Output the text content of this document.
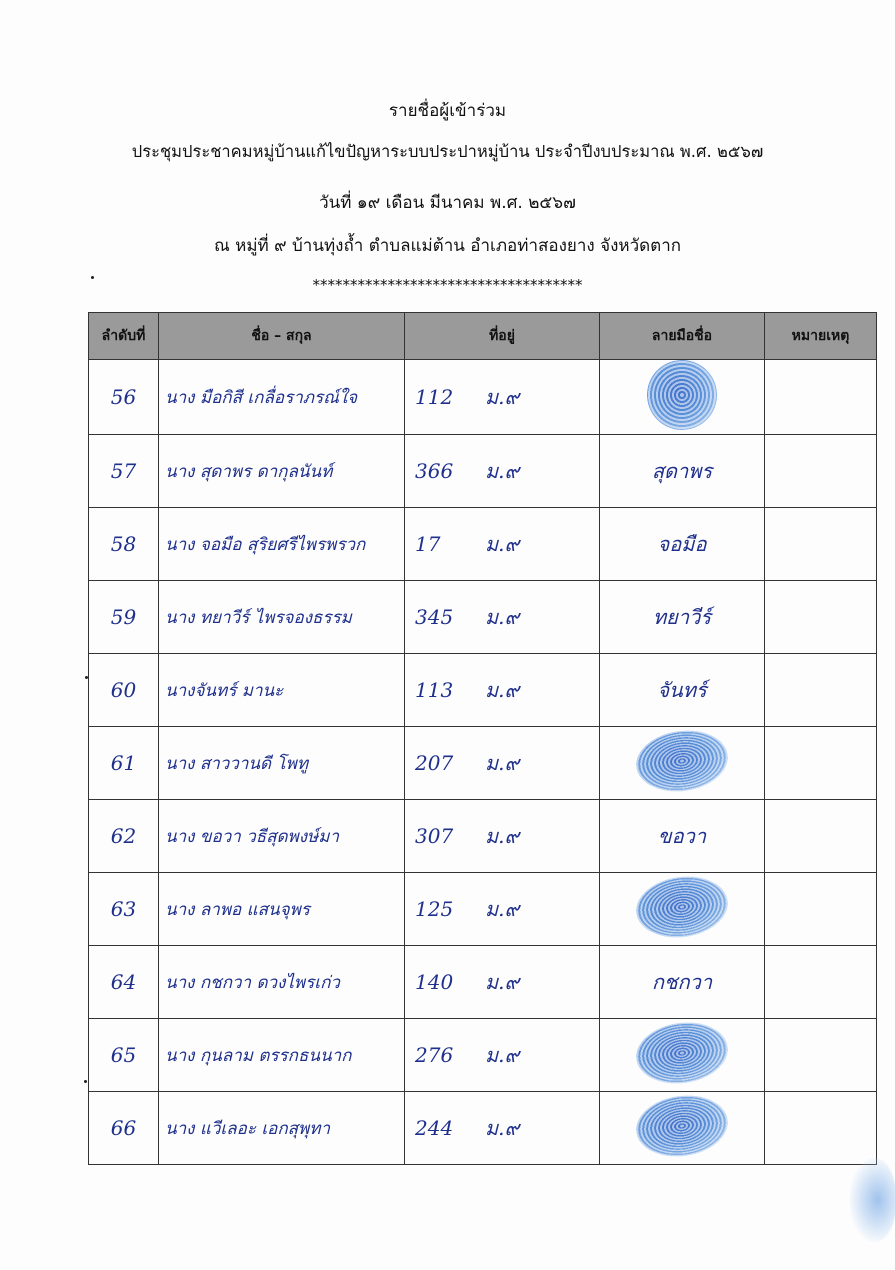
รายชื่อผู้เข้าร่วม
ประชุมประชาคมหมู่บ้านแก้ไขปัญหาระบบประปาหมู่บ้าน ประจำปีงบประมาณ พ.ศ. ๒๕๖๗
วันที่ ๑๙ เดือน มีนาคม พ.ศ. ๒๕๖๗
ณ หมู่ที่ ๙ บ้านทุ่งถ้ำ ตำบลแม่ต้าน อำเภอท่าสองยาง จังหวัดตาก
************************************
ลำดับที่	ชื่อ – สกุล	ที่อยู่	ลายมือชื่อ	หมายเหตุ
56	นาง มือกิสี เกลื่อราภรณ์ใจ	112 ม.๙		
57	นาง สุดาพร ดากุลนันท์	366 ม.๙	สุดาพร	
58	นาง จอมือ สุริยศรีไพรพรวก	17 ม.๙	จอมือ	
59	นาง ทยาวีร์ ไพรจองธรรม	345 ม.๙	ทยาวีร์	
60	นางจันทร์ มานะ	113 ม.๙	จันทร์	
61	นาง สาววานดี โพทู	207 ม.๙		
62	นาง ขอวา วธีสุดพงษ์มา	307 ม.๙	ขอวา	
63	นาง ลาพอ แสนจุพร	125 ม.๙		
64	นาง กชกวา ดวงไพรเก่ว	140 ม.๙	กชกวา	
65	นาง กุนลาม ตรรกธนนาก	276 ม.๙		
66	นาง แวีเลอะ เอกสุพุทา	244 ม.๙		
